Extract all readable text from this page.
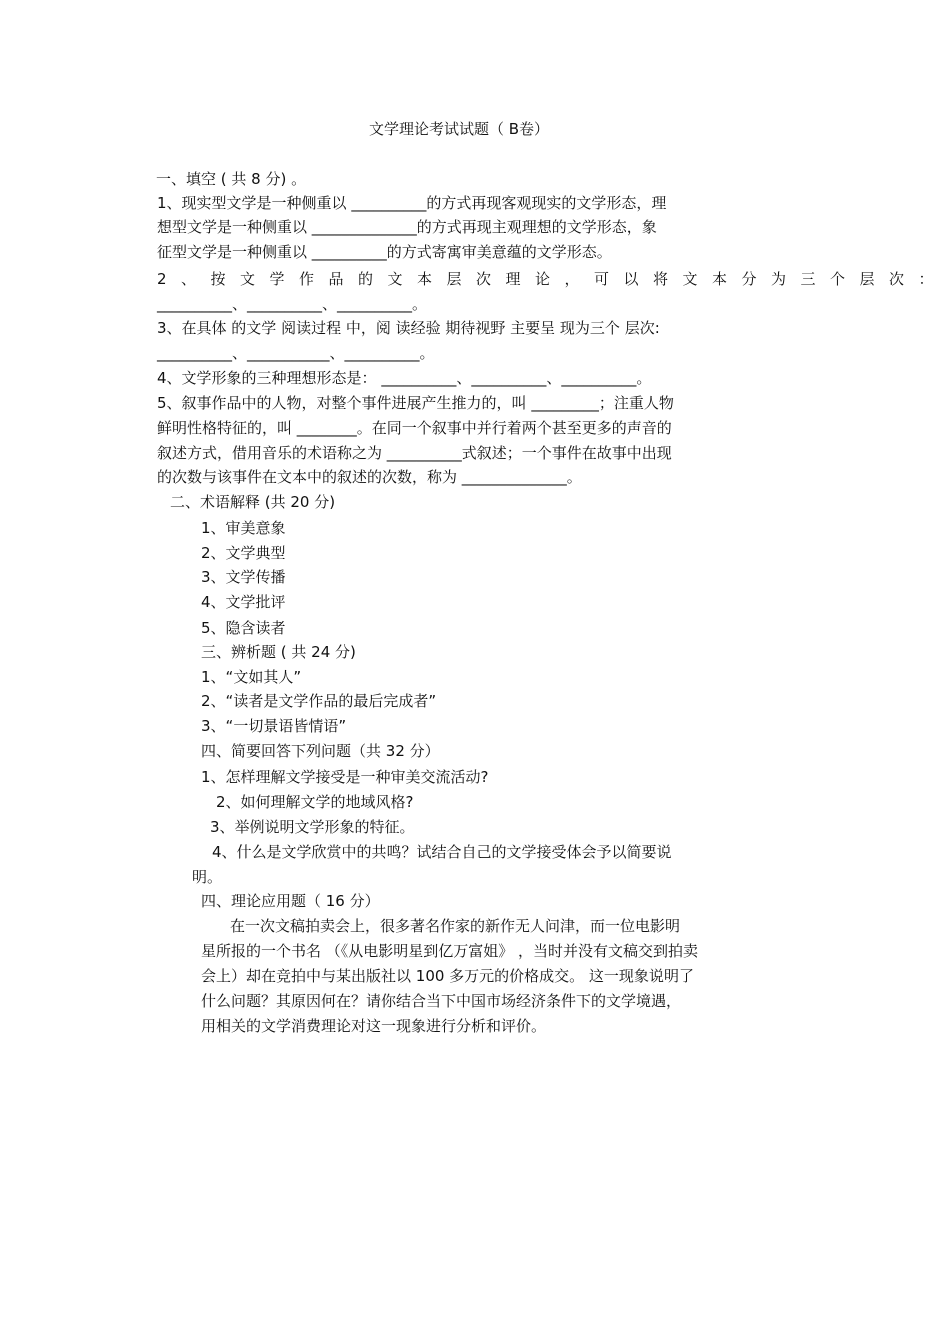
文学理论考试试题（ B卷）
一、填空 ( 共 8 分) 。
1、现实型文学是一种侧重以 __________的方式再现客观现实的文学形态，理
想型文学是一种侧重以 ______________的方式再现主观理想的文学形态，象
征型文学是一种侧重以 __________的方式寄寓审美意蕴的文学形态。
2、按文学作品的文本层次理论，可以将文本分为三个层次：
__________、__________、__________。
3、在具体 的文学 阅读过程 中，阅 读经验 期待视野 主要呈 现为三个 层次:
__________、___________、__________。
4、文学形象的三种理想形态是： __________、__________、__________。
5、叙事作品中的人物，对整个事件进展产生推力的，叫 _________；注重人物
鲜明性格特征的，叫 ________。在同一个叙事中并行着两个甚至更多的声音的
叙述方式，借用音乐的术语称之为 __________式叙述；一个事件在故事中出现
的次数与该事件在文本中的叙述的次数，称为 ______________。
二、术语解释 (共 20 分)
1、审美意象
2、文学典型
3、文学传播
4、文学批评
5、隐含读者
三、辨析题 ( 共 24 分)
1、“文如其人”
2、“读者是文学作品的最后完成者”
3、“一切景语皆情语”
四、简要回答下列问题（共 32 分）
1、怎样理解文学接受是一种审美交流活动?
2、如何理解文学的地域风格?
3、举例说明文学形象的特征。
4、什么是文学欣赏中的共鸣？试结合自己的文学接受体会予以简要说
明。
四、理论应用题（ 16 分）
在一次文稿拍卖会上，很多著名作家的新作无人问津，而一位电影明
星所报的一个书名 （《从电影明星到亿万富姐》 ，当时并没有文稿交到拍卖
会上）却在竞拍中与某出版社以 100 多万元的价格成交。 这一现象说明了
什么问题？其原因何在？请你结合当下中国市场经济条件下的文学境遇，
用相关的文学消费理论对这一现象进行分析和评价。
